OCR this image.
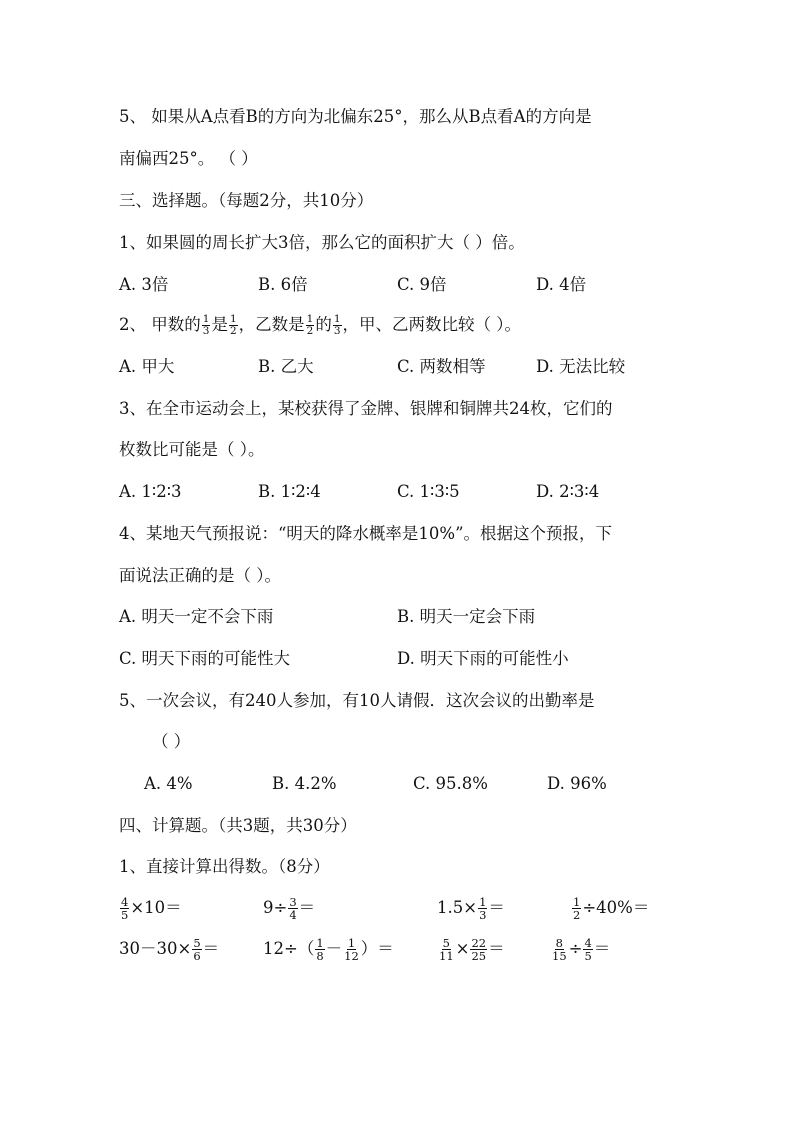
5、 如果从A点看B的方向为北偏东25°，那么从B点看A的方向是
南偏西25°。 （ ）
三、选择题。（每题2分，共10分）
1、如果圆的周长扩大3倍，那么它的面积扩大（ ）倍。
A. 3倍	B. 6倍	C. 9倍	D. 4倍
2、 甲数的 $\frac{1}{3}$ 是 $\frac{1}{2}$ ，乙数是 $\frac{1}{2}$ 的 $\frac{1}{3}$ ，甲、乙两数比较（ ）。
A. 甲大	B. 乙大	C. 两数相等	D. 无法比较
3、在全市运动会上，某校获得了金牌、银牌和铜牌共24枚，它们的
枚数比可能是（ ）。
A. 1∶2∶3	B. 1∶2∶4	C. 1∶3∶5	D. 2∶3∶4
4、某地天气预报说：“明天的降水概率是10%”。根据这个预报，下
面说法正确的是（ ）。
A. 明天一定不会下雨	B. 明天一定会下雨
C. 明天下雨的可能性大	D. 明天下雨的可能性小
5、一次会议，有240人参加，有10人请假．这次会议的出勤率是
（ ）
A. 4%	B. 4.2%	C. 95.8%	D. 96%
四、计算题。（共3题，共30分）
1、直接计算出得数。（8分）
$\frac{4}{5} \times 10=$	$9\div \frac{3}{4}$ ＝	$1.5\times \frac{1}{3}$ ＝	$\frac{1}{2} \div 40\%=$
$30-30\times \frac{5}{6}$ ＝	$12\div( \frac{1}{8} - \frac{1}{12}$ ）＝	$\frac{5}{11} \times \frac{22}{25}$ ＝	$\frac{8}{15} \div \frac{4}{5}$ ＝
